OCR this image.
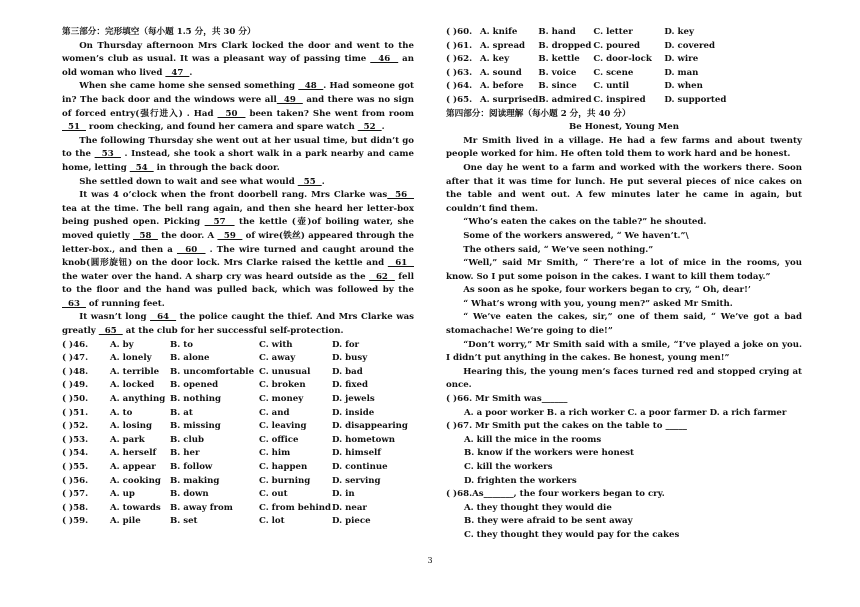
第三部分：完形填空（每小题 1.5 分，共 30 分）

On Thursday afternoon Mrs Clark locked the door and went to the women’s club as usual. It was a pleasant way of passing time   46   an old woman who lived   47  .

When she came home she sensed something   48  . Had someone got in? The back door and the windows were all  49   and there was no sign of forced entry(强行进入) . Had   50   been taken? She went from room   51   room checking, and found her camera and spare watch   52  .

The following Thursday she went out at her usual time, but didn’t go to the   53   . Instead, she took a short walk in a park nearby and came home, letting   54   in through the back door.

She settled down to wait and see what would   55  .

It was 4 o’clock when the front doorbell rang. Mrs Clarke was  56   tea at the time. The bell rang again, and then she heard her letter-box being pushed open. Picking   57   the kettle (壶)of boiling water, she moved quietly   58   the door. A   59   of wire(铁丝) appeared through the letter-box., and then a   60   . The wire turned and caught around the knob(圆形旋钮) on the door lock. Mrs Clarke raised the kettle and   61   the water over the hand. A sharp cry was heard outside as the   62   fell to the floor and the hand was pulled back, which was followed by the   63   of running feet.

It wasn’t long   64   the police caught the thief. And Mrs Clarke was greatly   65   at the club for her successful self-protection.

( )46.	A. by	B. to	C. with	D. for
( )47.	A. lonely	B. alone	C. away	D. busy
( )48.	A. terrible	B. uncomfortable	C. unusual	D. bad
( )49.	A. locked	B. opened	C. broken	D. fixed
( )50.	A. anything	B. nothing	C. money	D. jewels
( )51.	A. to	B. at	C. and	D. inside
( )52.	A. losing	B. missing	C. leaving	D. disappearing
( )53.	A. park	B. club	C. office	D. hometown
( )54.	A. herself	B. her	C. him	D. himself
( )55.	A. appear	B. follow	C. happen	D. continue
( )56.	A. cooking	B. making	C. burning	D. serving
( )57.	A. up	B. down	C. out	D. in
( )58.	A. towards	B. away from	C. from behind	D. near
( )59.	A. pile	B. set	C. lot	D. piece
( )60.	A. knife	B. hand	C. letter	D. key
( )61.	A. spread	B. dropped	C. poured	D. covered
( )62.	A. key	B. kettle	C. door-lock	D. wire
( )63.	A. sound	B. voice	C. scene	D. man
( )64.	A. before	B. since	C. until	D. when
( )65.	A. surprised	B. admired	C. inspired	D. supported
第四部分：阅读理解（每小题 2 分，共 40 分）

Be Honest, Young Men

Mr Smith lived in a village. He had a few farms and about twenty people worked for him. He often told them to work hard and be honest.

One day he went to a farm and worked with the workers there. Soon after that it was time for lunch. He put several pieces of nice cakes on the table and went out. A few minutes later he came in again, but couldn’t find them.

“Who’s eaten the cakes on the table?” he shouted.

Some of the workers answered, “ We haven’t.”\

The others said, “ We’ve seen nothing.”

“Well,” said Mr Smith, “ There’re a lot of mice in the rooms, you know. So I put some poison in the cakes. I want to kill them today.”

As soon as he spoke, four workers began to cry, “ Oh, dear!’

“ What’s wrong with you, young men?” asked Mr Smith.

“ We’ve eaten the cakes, sir,” one of them said, “ We’ve got a bad stomachache! We’re going to die!”

“Don’t worry,” Mr Smith said with a smile, “I’ve played a joke on you. I didn’t put anything in the cakes. Be honest, young men!”

Hearing this, the young men’s faces turned red and stopped crying at once.

( )66. Mr Smith was______

A. a poor worker B. a rich worker C. a poor farmer D. a rich farmer

( )67. Mr Smith put the cakes on the table to _____

A. kill the mice in the rooms

B. know if the workers were honest

C. kill the workers

D. frighten the workers

( )68.As_______, the four workers began to cry.

A. they thought they would die

B. they were afraid to be sent away

C. they thought they would pay for the cakes

3
